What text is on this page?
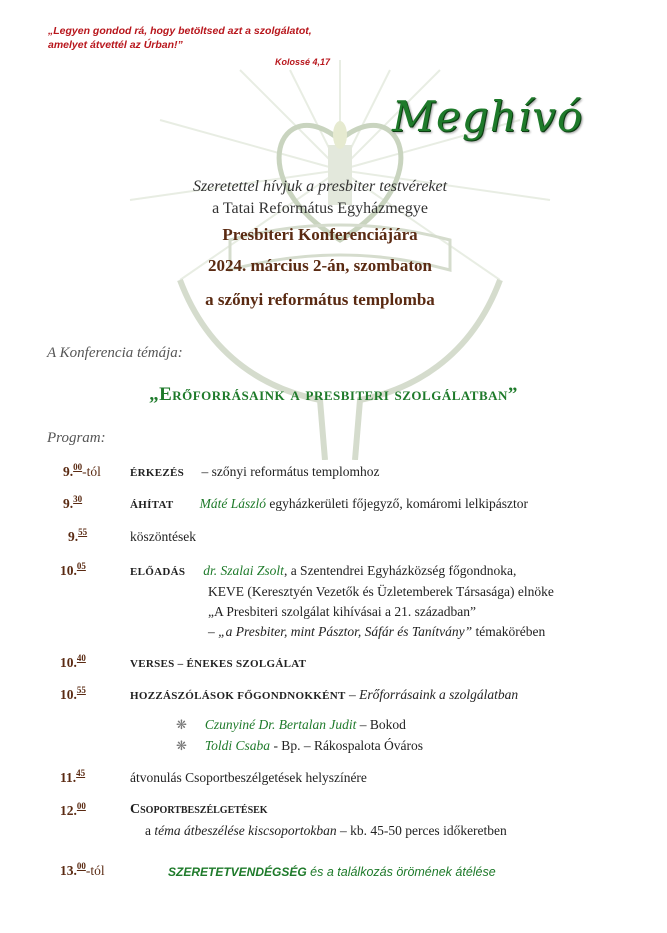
„Legyen gondod rá, hogy betöltsed azt a szolgálatot,
amelyet átvettél az Úrban!”
Kolossé 4,17
Meghívó
Szeretettel hívjuk a presbiter testvéreket
a Tatai Református Egyházmegye
Presbiteri Konferenciájára
2024. március 2-án, szombaton
a szőnyi református templomba
A Konferencia témája:
„Erőforrásaink a presbiteri szolgálatban”
Program:
9.00-tól	ÉRKEZÉS – szőnyi református templomhoz
9.30	ÁHÍTAT Máté László egyházkerületi főjegyző, komáromi lelkipásztor
9.55	köszöntések
10.05	ELŐADÁS dr. Szalai Zsolt, a Szentendrei Egyházközség főgondnoka,
KEVE (Keresztyén Vezetők és Üzletemberek Társasága) elnöke
„A Presbiteri szolgálat kihívásai a 21. században”
– „a Presbiter, mint Pásztor, Sáfár és Tanítvány” témakörében
10.40	VERSES – ÉNEKES SZOLGÁLAT
10.55	HOZZÁSZÓLÁSOK FŐGONDNOKKÉNT – Erőforrásaink a szolgálatban
❋ Czunyiné Dr. Bertalan Judit – Bokod
❋ Toldi Csaba - Bp. – Rákospalota Óváros
11.45	átvonulás Csoportbeszélgetések helyszínére
12.00	Csoportbeszélgetések
a téma átbeszélése kiscsoportokban – kb. 45-50 perces időkeretben
13.00-tól	SZERETETVENDÉGSÉG és a találkozás örömének átélése
